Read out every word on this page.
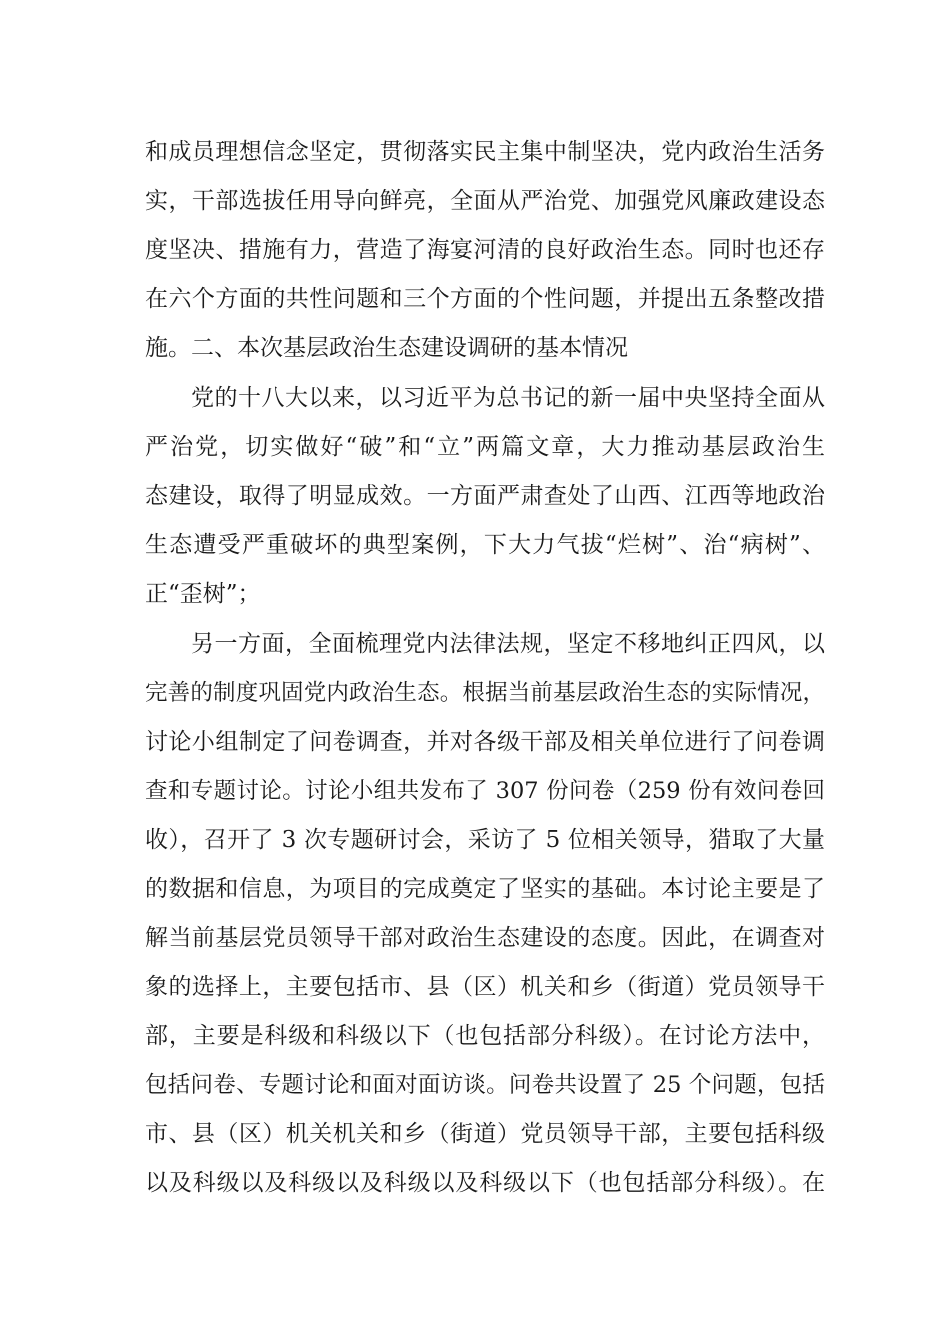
和成员理想信念坚定，贯彻落实民主集中制坚决，党内政治生活务
实，干部选拔任用导向鲜亮，全面从严治党、加强党风廉政建设态
度坚决、措施有力，营造了海宴河清的良好政治生态。同时也还存
在六个方面的共性问题和三个方面的个性问题，并提出五条整改措
施。二、本次基层政治生态建设调研的基本情况
党的十八大以来，以习近平为总书记的新一届中央坚持全面从
严治党，切实做好“破”和“立”两篇文章，大力推动基层政治生
态建设，取得了明显成效。一方面严肃查处了山西、江西等地政治
生态遭受严重破坏的典型案例，下大力气拔“烂树”、治“病树”、
正“歪树”；
另一方面，全面梳理党内法律法规，坚定不移地纠正四风，以
完善的制度巩固党内政治生态。根据当前基层政治生态的实际情况，
讨论小组制定了问卷调查，并对各级干部及相关单位进行了问卷调
查和专题讨论。讨论小组共发布了 307 份问卷（259 份有效问卷回
收），召开了 3 次专题研讨会，采访了 5 位相关领导，猎取了大量
的数据和信息，为项目的完成奠定了坚实的基础。本讨论主要是了
解当前基层党员领导干部对政治生态建设的态度。因此，在调查对
象的选择上，主要包括市、县（区）机关和乡（街道）党员领导干
部，主要是科级和科级以下（也包括部分科级）。在讨论方法中，
包括问卷、专题讨论和面对面访谈。问卷共设置了 25 个问题，包括
市、县（区）机关机关和乡（街道）党员领导干部，主要包括科级
以及科级以及科级以及科级以及科级以下（也包括部分科级）。在
